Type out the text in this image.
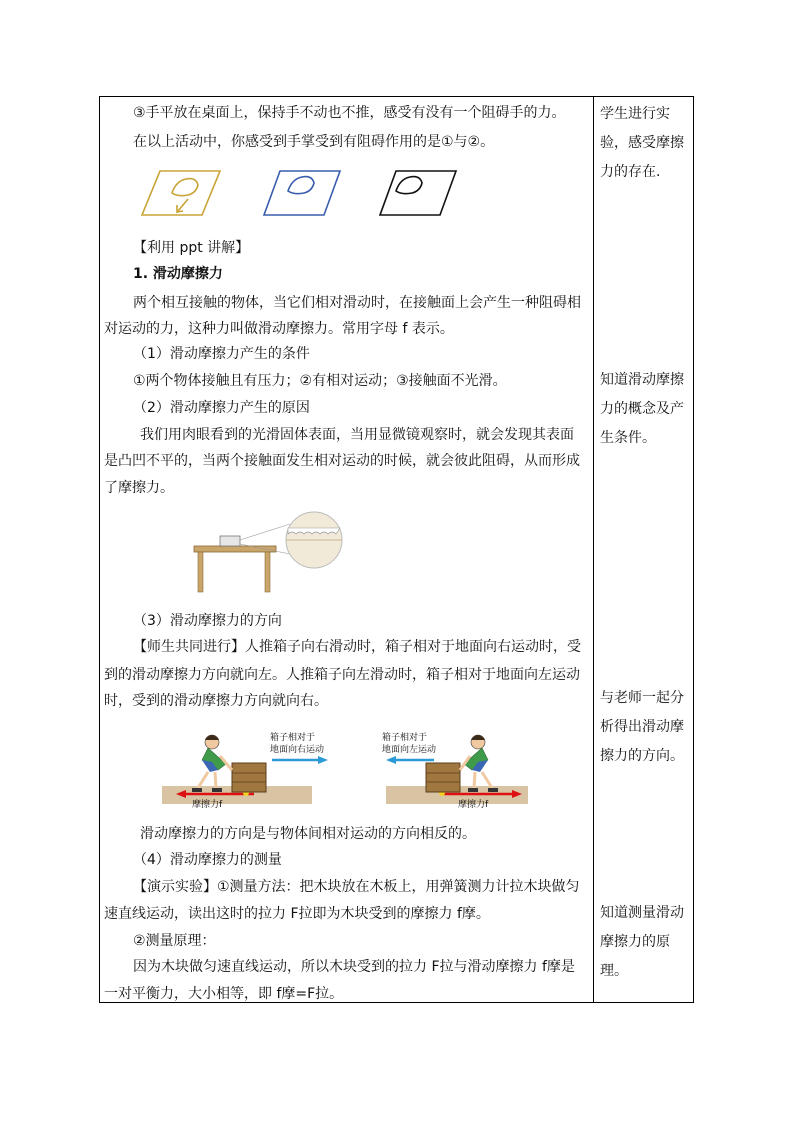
③手平放在桌面上，保持手不动也不推，感受有没有一个阻碍手的力。
在以上活动中，你感受到手掌受到有阻碍作用的是①与②。
【利用 ppt 讲解】
1. 滑动摩擦力
两个相互接触的物体，当它们相对滑动时，在接触面上会产生一种阻碍相
对运动的力，这种力叫做滑动摩擦力。常用字母 f 表示。
（1）滑动摩擦力产生的条件
①两个物体接触且有压力；②有相对运动；③接触面不光滑。
（2）滑动摩擦力产生的原因
我们用肉眼看到的光滑固体表面，当用显微镜观察时，就会发现其表面
是凸凹不平的，当两个接触面发生相对运动的时候，就会彼此阻碍，从而形成
了摩擦力。
（3）滑动摩擦力的方向
【师生共同进行】人推箱子向右滑动时，箱子相对于地面向右运动时，受
到的滑动摩擦力方向就向左。人推箱子向左滑动时，箱子相对于地面向左运动
时，受到的滑动摩擦力方向就向右。
箱子相对于
地面向右运动
摩擦力f
箱子相对于
地面向左运动
摩擦力f
滑动摩擦力的方向是与物体间相对运动的方向相反的。
（4）滑动摩擦力的测量
【演示实验】①测量方法：把木块放在木板上，用弹簧测力计拉木块做匀
速直线运动，读出这时的拉力 F拉即为木块受到的摩擦力 f摩。
②测量原理：
因为木块做匀速直线运动，所以木块受到的拉力 F拉与滑动摩擦力 f摩是
一对平衡力，大小相等，即 f摩=F拉。
学生进行实
验，感受摩擦
力的存在.
知道滑动摩擦
力的概念及产
生条件。
与老师一起分
析得出滑动摩
擦力的方向。
知道测量滑动
摩擦力的原
理。
